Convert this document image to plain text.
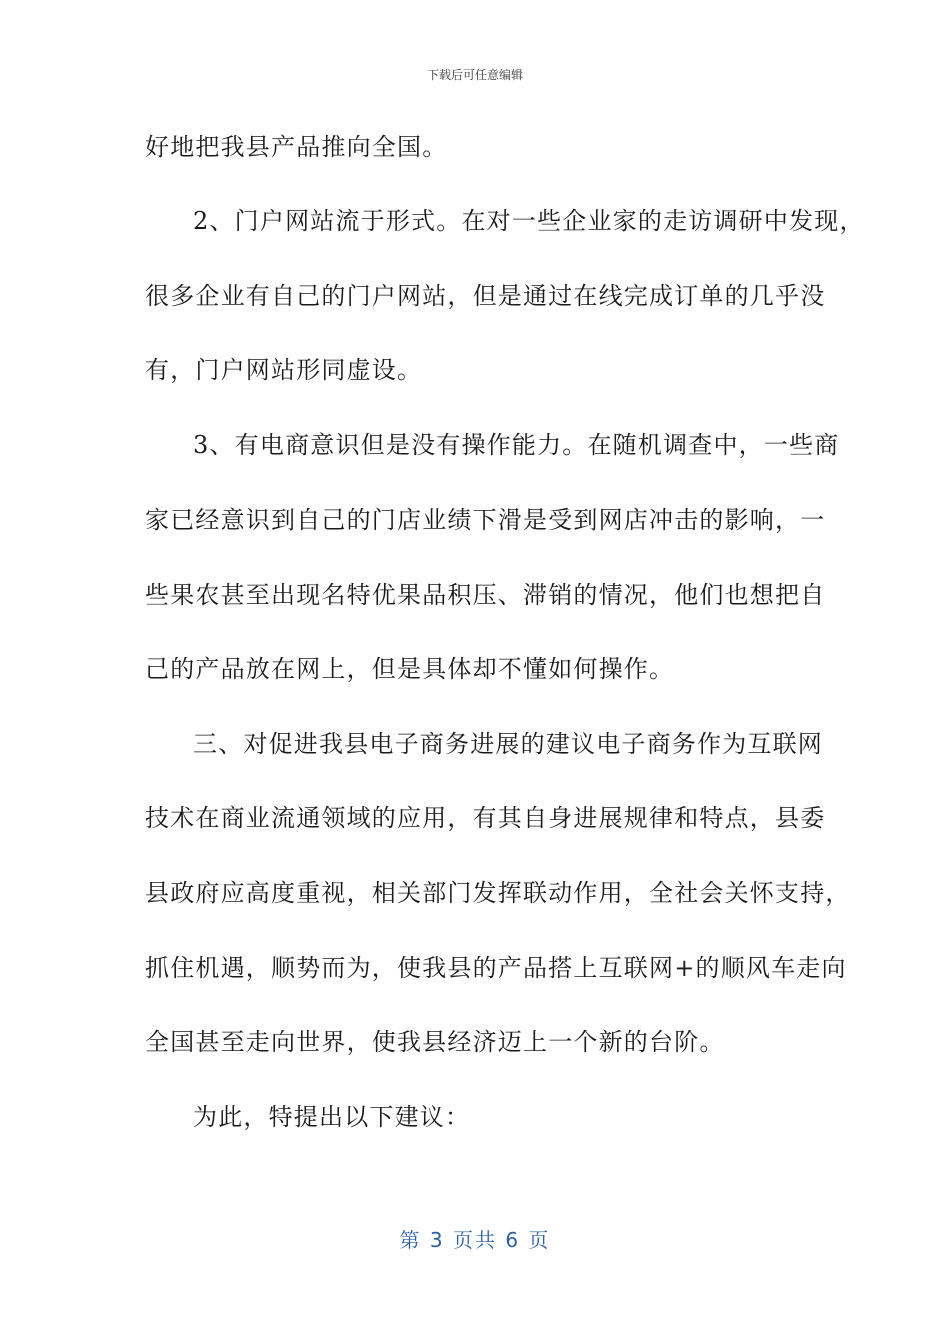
下载后可任意编辑
好地把我县产品推向全国。
2、门户网站流于形式。在对一些企业家的走访调研中发现，
很多企业有自己的门户网站，但是通过在线完成订单的几乎没
有，门户网站形同虚设。
3、有电商意识但是没有操作能力。在随机调查中，一些商
家已经意识到自己的门店业绩下滑是受到网店冲击的影响，一
些果农甚至出现名特优果品积压、滞销的情况，他们也想把自
己的产品放在网上，但是具体却不懂如何操作。
三、对促进我县电子商务进展的建议电子商务作为互联网
技术在商业流通领域的应用，有其自身进展规律和特点，县委
县政府应高度重视，相关部门发挥联动作用，全社会关怀支持，
抓住机遇，顺势而为，使我县的产品搭上互联网+的顺风车走向
全国甚至走向世界，使我县经济迈上一个新的台阶。
为此，特提出以下建议：
第 3 页共 6 页
